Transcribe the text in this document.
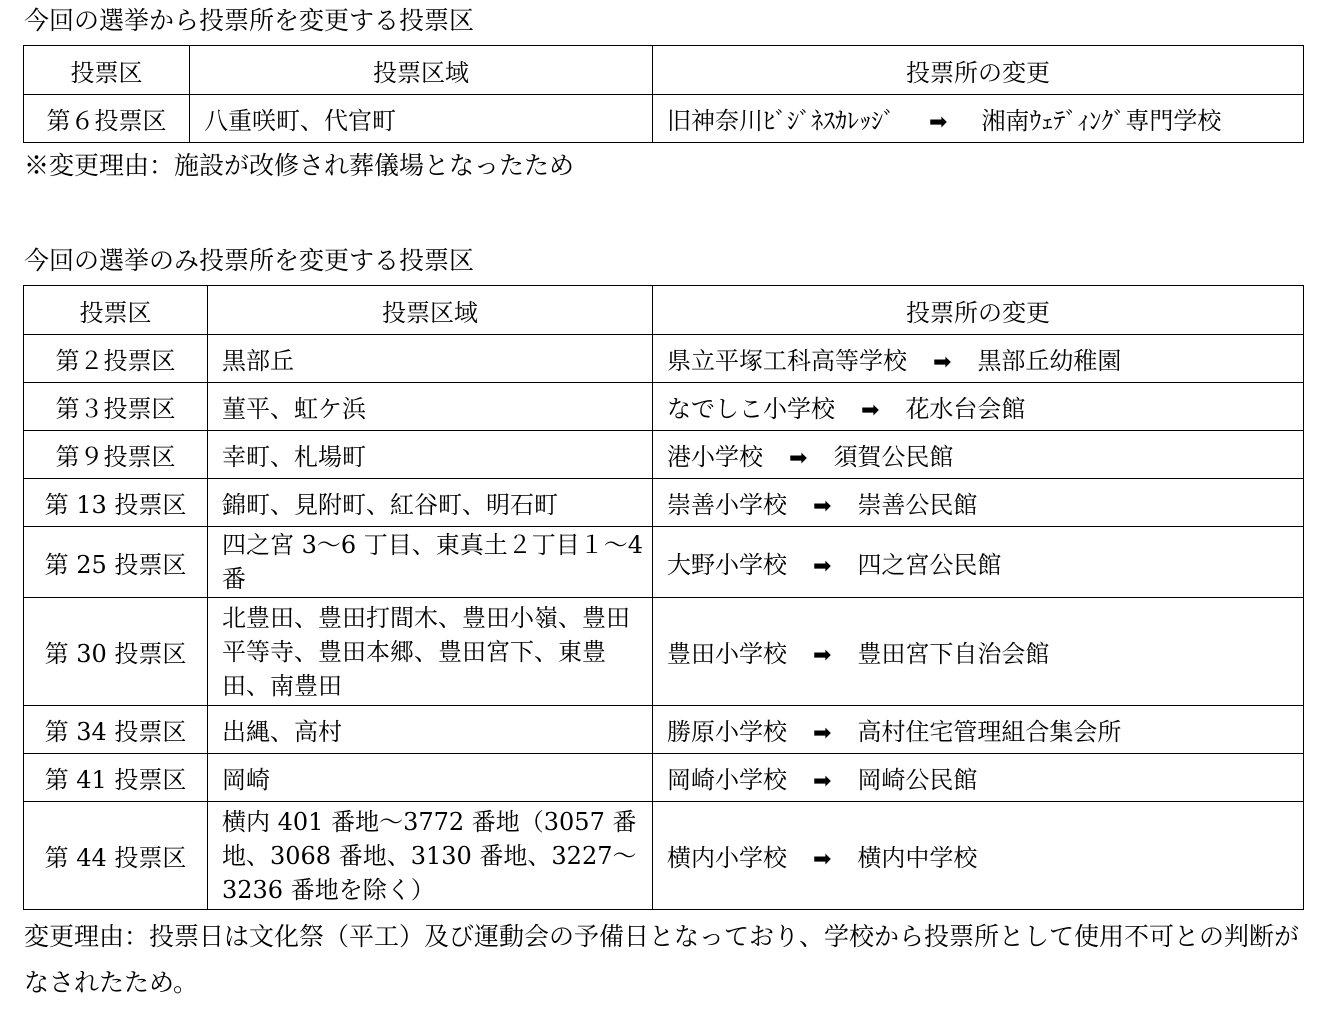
今回の選挙から投票所を変更する投票区
投票区	投票区域	投票所の変更
第６投票区	八重咲町、代官町	旧神奈川ﾋﾞｼﾞﾈｽｶﾚｯｼﾞ ➡ 湘南ｳｪﾃﾞｨﾝｸﾞ専門学校
※変更理由：施設が改修され葬儀場となったため
今回の選挙のみ投票所を変更する投票区
投票区	投票区域	投票所の変更
第２投票区	黒部丘	県立平塚工科高等学校 ➡ 黒部丘幼稚園
第３投票区	菫平、虹ケ浜	なでしこ小学校 ➡ 花水台会館
第９投票区	幸町、札場町	港小学校 ➡ 須賀公民館
第 13 投票区	錦町、見附町、紅谷町、明石町	崇善小学校 ➡ 崇善公民館
第 25 投票区	四之宮 3～6 丁目、東真土２丁目１～4 番	大野小学校 ➡ 四之宮公民館
第 30 投票区	北豊田、豊田打間木、豊田小嶺、豊田平等寺、豊田本郷、豊田宮下、東豊田、南豊田	豊田小学校 ➡ 豊田宮下自治会館
第 34 投票区	出縄、高村	勝原小学校 ➡ 高村住宅管理組合集会所
第 41 投票区	岡崎	岡崎小学校 ➡ 岡崎公民館
第 44 投票区	横内 401 番地～3772 番地（3057 番地、3068 番地、3130 番地、3227～3236 番地を除く）	横内小学校 ➡ 横内中学校
変更理由：投票日は文化祭（平工）及び運動会の予備日となっており、学校から投票所として使用不可との判断がなされたため。
